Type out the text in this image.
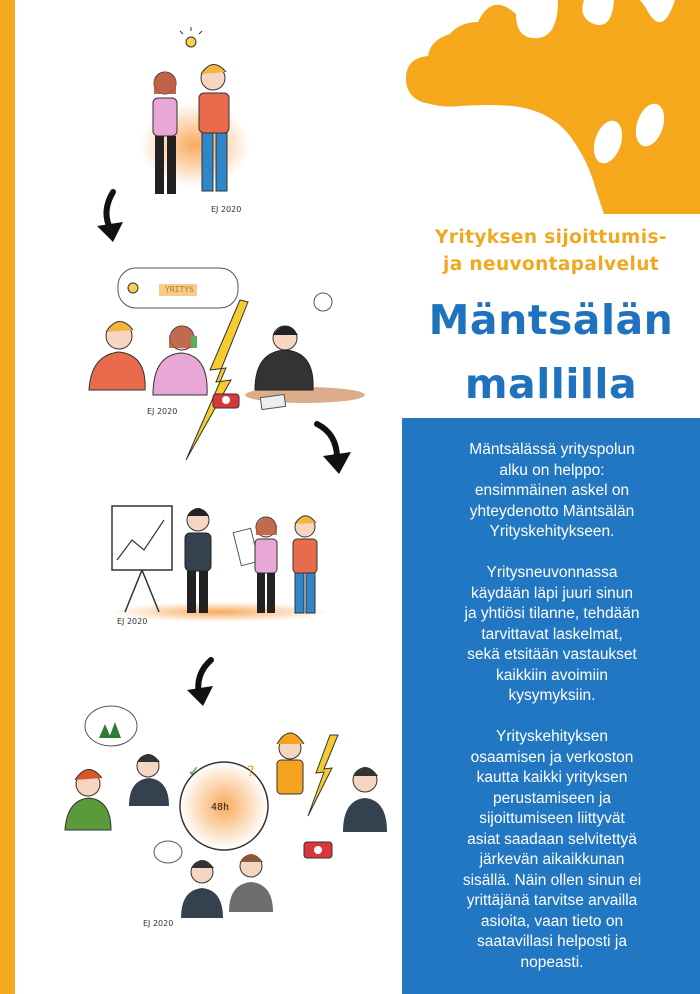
EJ 2020
EJ 2020
EJ 2020
48h
✓	?
EJ 2020
Yrityksen sijoittumis-
ja neuvontapalvelut
Mäntsälän
mallilla

Mäntsälässä yrityspolun
alku on helppo:
ensimmäinen askel on
yhteydenotto Mäntsälän
Yrityskehitykseen.

Yritysneuvonnassa
käydään läpi juuri sinun
ja yhtiösi tilanne, tehdään
tarvittavat laskelmat,
sekä etsitään vastaukset
kaikkiin avoimiin
kysymyksiin.

Yrityskehityksen
osaamisen ja verkoston
kautta kaikki yrityksen
perustamiseen ja
sijoittumiseen liittyvät
asiat saadaan selvitettyä
järkevän aikaikkunan
sisällä. Näin ollen sinun ei
yrittäjänä tarvitse arvailla
asioita, vaan tieto on
saatavillasi helposti ja
nopeasti.
